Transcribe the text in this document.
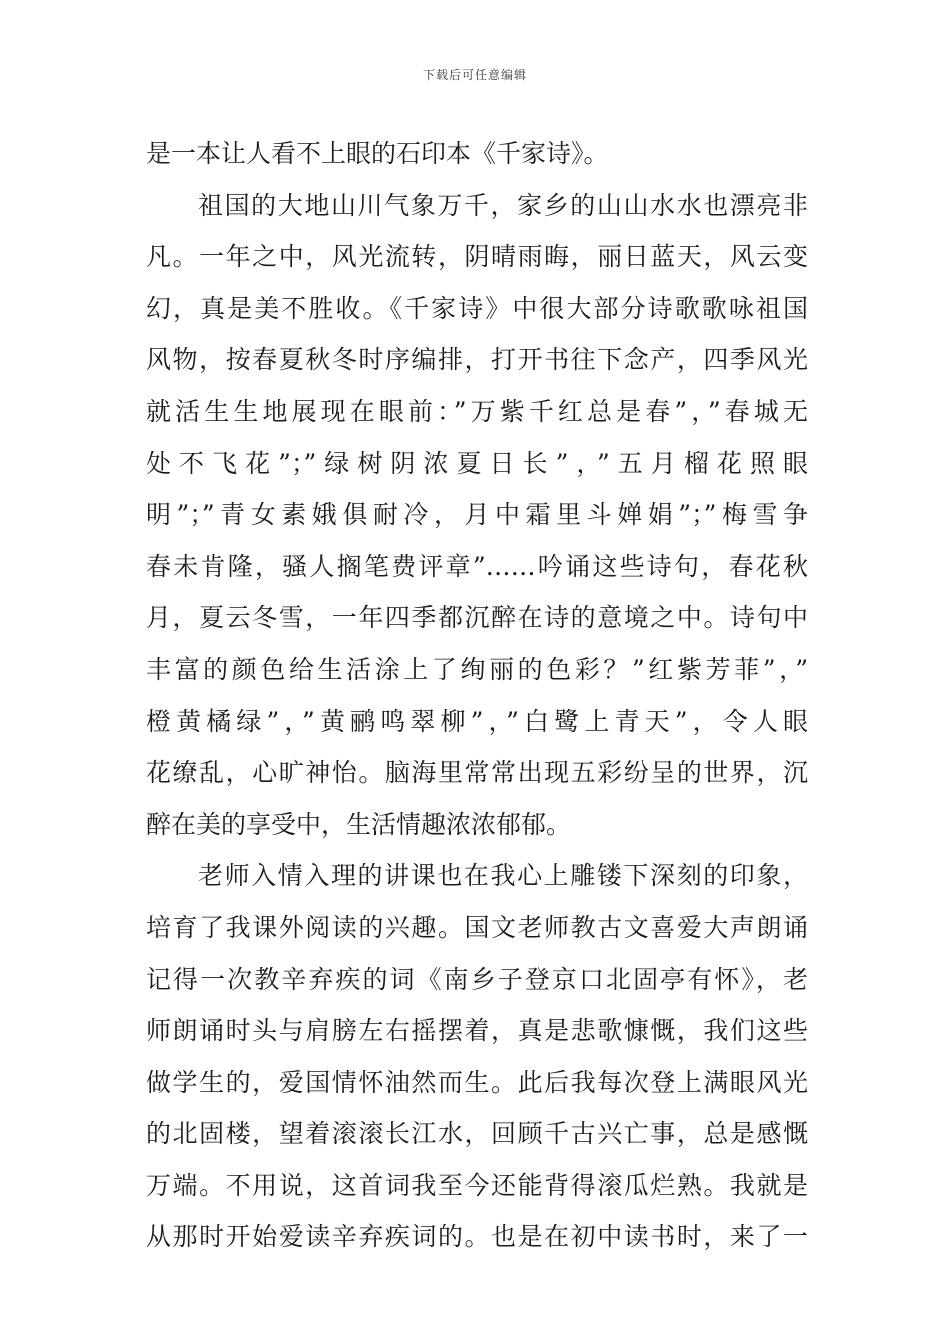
下载后可任意编辑
是一本让人看不上眼的石印本《千家诗》。
祖国的大地山川气象万千，家乡的山山水水也漂亮非
凡。一年之中，风光流转，阴晴雨晦，丽日蓝天，风云变
幻，真是美不胜收。《千家诗》中很大部分诗歌歌咏祖国
风物，按春夏秋冬时序编排，打开书往下念产，四季风光
就活生生地展现在眼前：”万紫千红总是春”，”春城无
处不飞花”；”绿树阴浓夏日长”，”五月榴花照眼
明”；”青女素娥俱耐冷，月中霜里斗婵娟”；”梅雪争
春未肯隆，骚人搁笔费评章”……吟诵这些诗句，春花秋
月，夏云冬雪，一年四季都沉醉在诗的意境之中。诗句中
丰富的颜色给生活涂上了绚丽的色彩？”红紫芳菲”，”
橙黄橘绿”，”黄鹂鸣翠柳”，”白鹭上青天”，令人眼
花缭乱，心旷神怡。脑海里常常出现五彩纷呈的世界，沉
醉在美的享受中，生活情趣浓浓郁郁。
老师入情入理的讲课也在我心上雕镂下深刻的印象，
培育了我课外阅读的兴趣。国文老师教古文喜爱大声朗诵
记得一次教辛弃疾的词《南乡子登京口北固亭有怀》，老
师朗诵时头与肩膀左右摇摆着，真是悲歌慷慨，我们这些
做学生的，爱国情怀油然而生。此后我每次登上满眼风光
的北固楼，望着滚滚长江水，回顾千古兴亡事，总是感慨
万端。不用说，这首词我至今还能背得滚瓜烂熟。我就是
从那时开始爱读辛弃疾词的。也是在初中读书时，来了一
